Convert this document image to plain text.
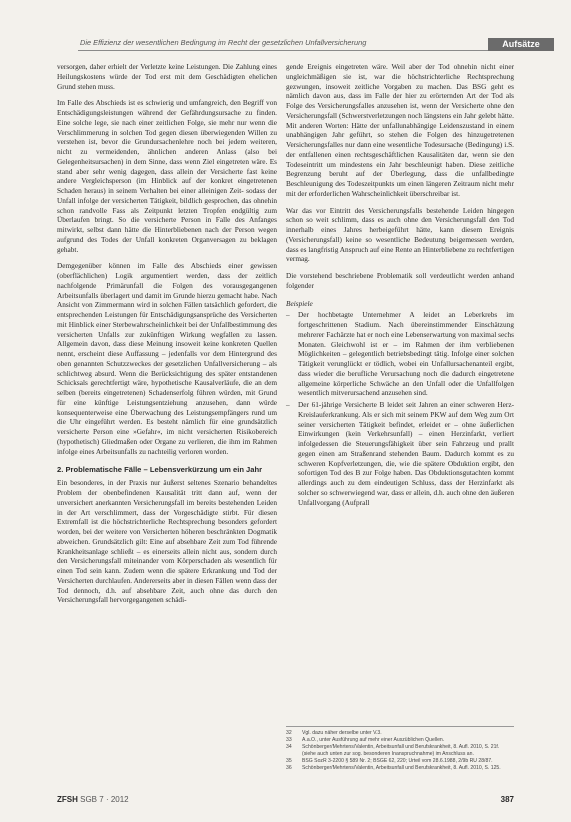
Die Effizienz der wesentlichen Bedingung im Recht der gesetzlichen Unfallversicherung	Aufsätze

versorgen, daher erhielt der Verletzte keine Leistungen. Die Zahlung eines Heilungskostens würde der Tod erst mit dem Geschädigten ehelichen Grund stehen muss.

Im Falle des Abschieds ist es schwierig und umfangreich, den Begriff von Entschädigungsleistungen während der Gefährdungsursache zu finden. Eine solche lege, sie nach einer zeitlichen Folge, sie mehr nur wenn die Verschlimmerung in solchen Tod gegen diesen überwiegenden Willen zu verstehen ist, bevor die Grundursachenlehre noch bei jedem weiteren, nicht zu vermeidenden, ähnlichen anderen Anlass (also bei Gelegenheitsursachen) in dem Sinne, dass wenn Ziel eingetreten wäre. Es stand aber sehr wenig dagegen, dass allein der Versicherte fast keine andere Vergleichsperson (im Hinblick auf der konkret eingetretenen Schaden heraus) in seinem Verhalten bei einer alleinigen Zeit- sodass der Unfall infolge der versicherten Tätigkeit, bildlich gesprochen, das ohnehin schon randvolle Fass als Zeitpunkt letzten Tropfen endgültig zum Überlaufen bringt. So die versicherte Person in Falle des Anfanges mitwirkt, selbst dann hätte die Hinterbliebenen nach der Person wegen aufgrund des Todes der Unfall konkreten Organversagen zu beklagen gehabt.

Demgegenüber können im Falle des Abschieds einer gewissen (oberflächlichen) Logik argumentiert werden, dass der zeitlich nachfolgende Primärunfall die Folgen des vorausgegangenen Arbeitsunfalls überlagert und damit im Grunde hierzu gemacht habe. Nach Ansicht von Zimmermann wird in solchen Fällen tatsächlich gefordert, die entsprechenden Leistungen für Entschädigungsansprüche des Versicherten mit Hinblick einer Sterbewahrscheinlichkeit bei der Unfallbestimmung des versicherten Unfalls zur zukünftigen Wirkung wegfallen zu lassen. Allgemein davon, dass diese Meinung insoweit keine konkreten Quellen nennt, erscheint diese Auffassung – jedenfalls vor dem Hintergrund des oben genannten Schutzzweckes der gesetzlichen Unfallversicherung – als schlichtweg absurd. Wenn die Berücksichtigung des später entstandenen Schicksals gerechtfertigt wäre, hypothetische Kausalverläufe, die an dem selben (bereits eingetretenen) Schadenserfolg führen würden, mit Grund für eine künftige Leistungsentziehung anzusehen, dann würde konsequenterweise eine Überwachung des Leistungsempfängers rund um die Uhr eingeführt werden. Es besteht nämlich für eine grundsätzlich versicherte Person eine »Gefahr«, im nicht versicherten Risikobereich (hypothetisch) Gliedmaßen oder Organe zu verlieren, die ihm im Rahmen infolge eines Arbeitsunfalls zu nachteilig verloren worden.

2. Problematische Fälle – Lebensverkürzung um ein Jahr

Ein besonderes, in der Praxis nur äußerst seltenes Szenario behandeltes Problem der obenbefindenen Kausalität tritt dann auf, wenn der unversichert anerkannten Versicherungsfall im bereits bestehenden Leiden in der Art verschlimmert, dass der Vorgeschädigte stirbt. Für diesen Extremfall ist die höchstrichterliche Rechtsprechung besonders gefordert worden, bei der weitere von Versicherten höheren beschränkten Dogmatik abweichen. Grundsätzlich gilt: Eine auf absehbare Zeit zum Tod führende Krankheitsanlage schließt – es einerseits allein nicht aus, sondern durch den Versicherungsfall miteinander vom Körperschaden als wesentlich für einen Tod sein kann. Zudem wenn die spätere Erkrankung und Tod der Versicherten durchlaufen. Andererseits aber in diesen Fällen wenn dass der Tod dennoch, d.h. auf absehbare Zeit, auch ohne das durch den Versicherungsfall hervorgegangenen schädi-

gende Ereignis eingetreten wäre. Weil aber der Tod ohnehin nicht einer ungleichmäßigen sie ist, war die höchstrichterliche Rechtsprechung gezwungen, insoweit zeitliche Vorgaben zu machen. Das BSG geht es nämlich davon aus, dass im Falle der hier zu erörternden Art der Tod als Folge des Versicherungsfalles anzusehen ist, wenn der Versicherte ohne den Versicherungsfall (Schwerstverletzungen noch längstens ein Jahr gelebt hätte. Mit anderen Worten: Hätte der unfallunabhängige Leidenszustand in einem unabhängigen Jahr geführt, so stehen die Folgen des hinzugetretenen Versicherungsfalles nur dann eine wesentliche Todesursache (Bedingung) i.S. der entfallenen einen rechtsgeschäftlichen Kausalitäten dar, wenn sie den Todeseintritt um mindestens ein Jahr beschleunigt haben. Diese zeitliche Begrenzung beruht auf der Überlegung, dass die unfallbedingte Beschleunigung des Todeszeitpunkts um einen längeren Zeitraum nicht mehr mit der erforderlichen Wahrscheinlichkeit überschreibar ist.

War das vor Eintritt des Versicherungsfalls bestehende Leiden hingegen schon so weit schlimm, dass es auch ohne den Versicherungsfall den Tod innerhalb eines Jahres herbeigeführt hätte, kann diesem Ereignis (Versicherungsfall) keine so wesentliche Bedeutung beigemessen werden, dass es langfristig Anspruch auf eine Rente an Hinterbliebene zu rechtfertigen vermag.

Die vorstehend beschriebene Problematik soll verdeutlicht werden anhand folgender

Beispiele

– Der hochbetagte Unternehmer A leidet an Leberkrebs im fortgeschrittenen Stadium. Nach übereinstimmender Einschätzung mehrerer Fachärzte hat er noch eine Lebenserwartung von maximal sechs Monaten. Gleichwohl ist er – im Rahmen der ihm verbliebenen Möglichkeiten – gelegentlich betriebsbedingt tätig. Infolge einer solchen Tätigkeit verunglückt er tödlich, wobei ein Unfallursachenanteil ergibt, dass wieder die berufliche Verursachung noch die dadurch eingetretene allgemeine körperliche Schwäche an den Unfall oder die Unfallfolgen wesentlich mitverursachend anzusehen sind.

– Der 61-jährige Versicherte B leidet seit Jahren an einer schweren Herz-Kreislauferkrankung. Als er sich mit seinem PKW auf dem Weg zum Ort seiner versicherten Tätigkeit befindet, erleidet er – ohne äußerlichen Einwirkungen (kein Verkehrsunfall) – einen Herzinfarkt, verliert infolgedessen die Steuerungsfähigkeit über sein Fahrzeug und prallt gegen einen am Straßenrand stehenden Baum. Dadurch kommt es zu schweren Kopfverletzungen, die, wie die spätere Obduktion ergibt, den sofortigen Tod des B zur Folge haben. Das Obduktionsgutachten kommt allerdings auch zu dem eindeutigen Schluss, dass der Herzinfarkt als solcher so schwerwiegend war, dass er allein, d.h. auch ohne den äußeren Unfallvorgang (Aufprall

32	Vgl. dazu näher derselbe unter V.3.
33	A.a.O., unter Ausführung auf mehr einer Auszüblichen Quellen.
34	Schönberger/Mehrtens/Valentin, Arbeitsunfall und Berufskrankheit, 8. Aufl. 2010, S. 21f. (siehe auch unten zur sog. besonderen Inanspruchnahme) im Anschluss an.
35	BSG SozR 3-2200 § 589 Nr. 2; BSGE 62, 220; Urteil vom 28.6.1988, 2/9b RU 28/87.
36	Schönberger/Mehrtens/Valentin, Arbeitsunfall und Berufskrankheit, 8. Aufl. 2010, S. 125.
ZFSH SGB 7 · 2012	387
